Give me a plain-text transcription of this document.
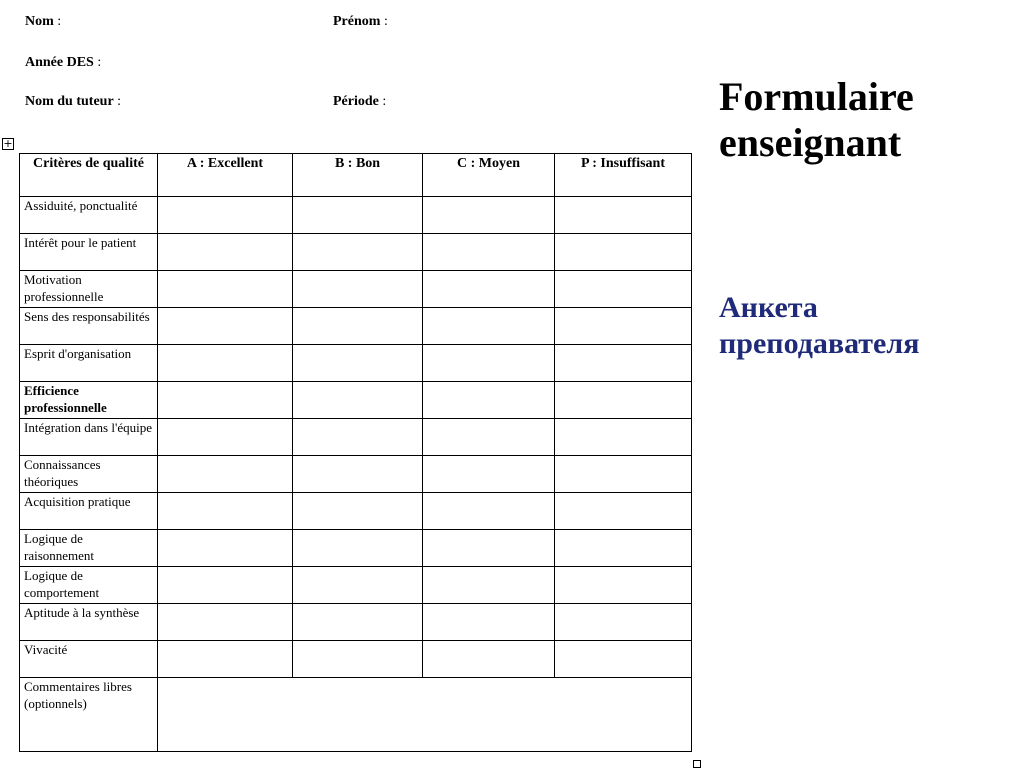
Nom :	Prénom :
Année DES :
Nom du tuteur :	Période :
+
Critères de qualité	A : Excellent	B : Bon	C : Moyen	P : Insuffisant
Assiduité, ponctualité				
Intérêt pour le patient				
Motivation professionnelle				
Sens des responsabilités				
Esprit d'organisation				
Efficience professionnelle				
Intégration dans l'équipe				
Connaissances théoriques				
Acquisition pratique				
Logique de raisonnement				
Logique de comportement				
Aptitude à la synthèse				
Vivacité				
Commentaires libres (optionnels)				
Formulaire
enseignant
Анкета
преподавателя
